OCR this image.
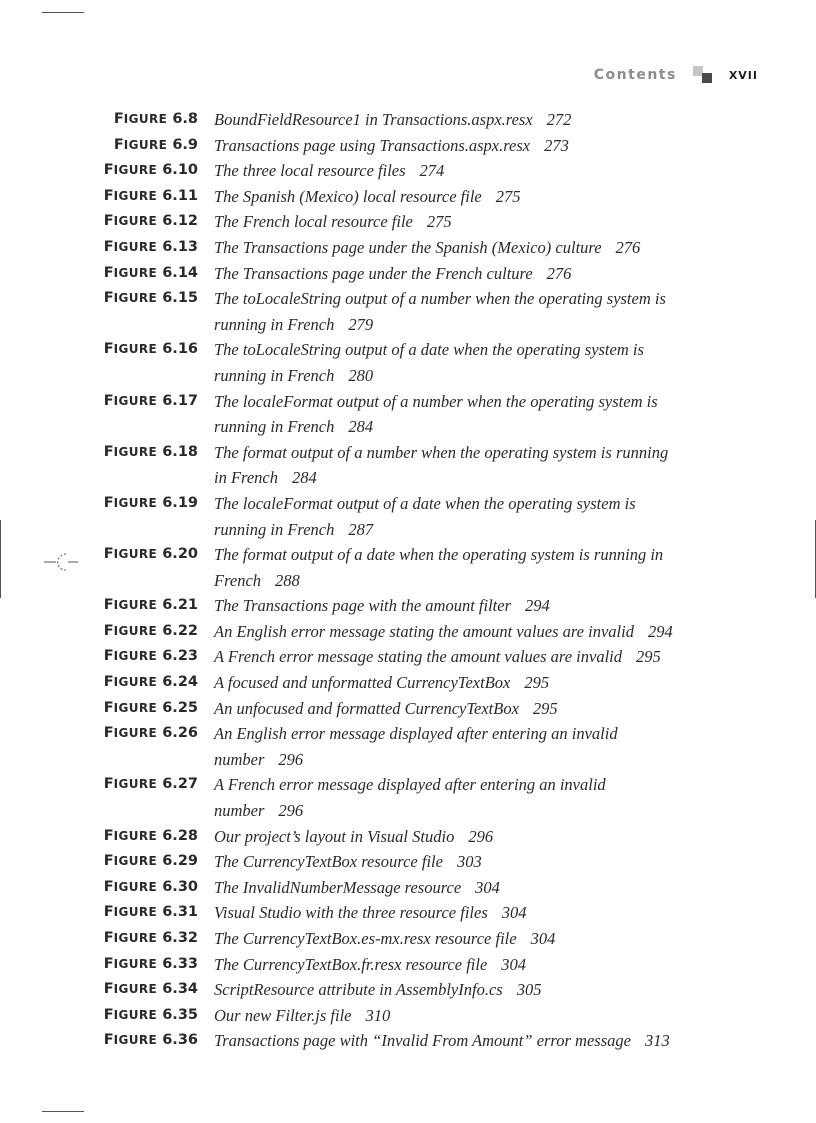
Contents	XVII
FIGURE 6.8 BoundFieldResource1 in Transactions.aspx.resx 272
FIGURE 6.9 Transactions page using Transactions.aspx.resx 273
FIGURE 6.10 The three local resource files 274
FIGURE 6.11 The Spanish (Mexico) local resource file 275
FIGURE 6.12 The French local resource file 275
FIGURE 6.13 The Transactions page under the Spanish (Mexico) culture 276
FIGURE 6.14 The Transactions page under the French culture 276
FIGURE 6.15 The toLocaleString output of a number when the operating system is running in French 279
FIGURE 6.16 The toLocaleString output of a date when the operating system is running in French 280
FIGURE 6.17 The localeFormat output of a number when the operating system is running in French 284
FIGURE 6.18 The format output of a number when the operating system is running in French 284
FIGURE 6.19 The localeFormat output of a date when the operating system is running in French 287
FIGURE 6.20 The format output of a date when the operating system is running in French 288
FIGURE 6.21 The Transactions page with the amount filter 294
FIGURE 6.22 An English error message stating the amount values are invalid 294
FIGURE 6.23 A French error message stating the amount values are invalid 295
FIGURE 6.24 A focused and unformatted CurrencyTextBox 295
FIGURE 6.25 An unfocused and formatted CurrencyTextBox 295
FIGURE 6.26 An English error message displayed after entering an invalid number 296
FIGURE 6.27 A French error message displayed after entering an invalid number 296
FIGURE 6.28 Our project’s layout in Visual Studio 296
FIGURE 6.29 The CurrencyTextBox resource file 303
FIGURE 6.30 The InvalidNumberMessage resource 304
FIGURE 6.31 Visual Studio with the three resource files 304
FIGURE 6.32 The CurrencyTextBox.es-mx.resx resource file 304
FIGURE 6.33 The CurrencyTextBox.fr.resx resource file 304
FIGURE 6.34 ScriptResource attribute in AssemblyInfo.cs 305
FIGURE 6.35 Our new Filter.js file 310
FIGURE 6.36 Transactions page with “Invalid From Amount” error message 313
